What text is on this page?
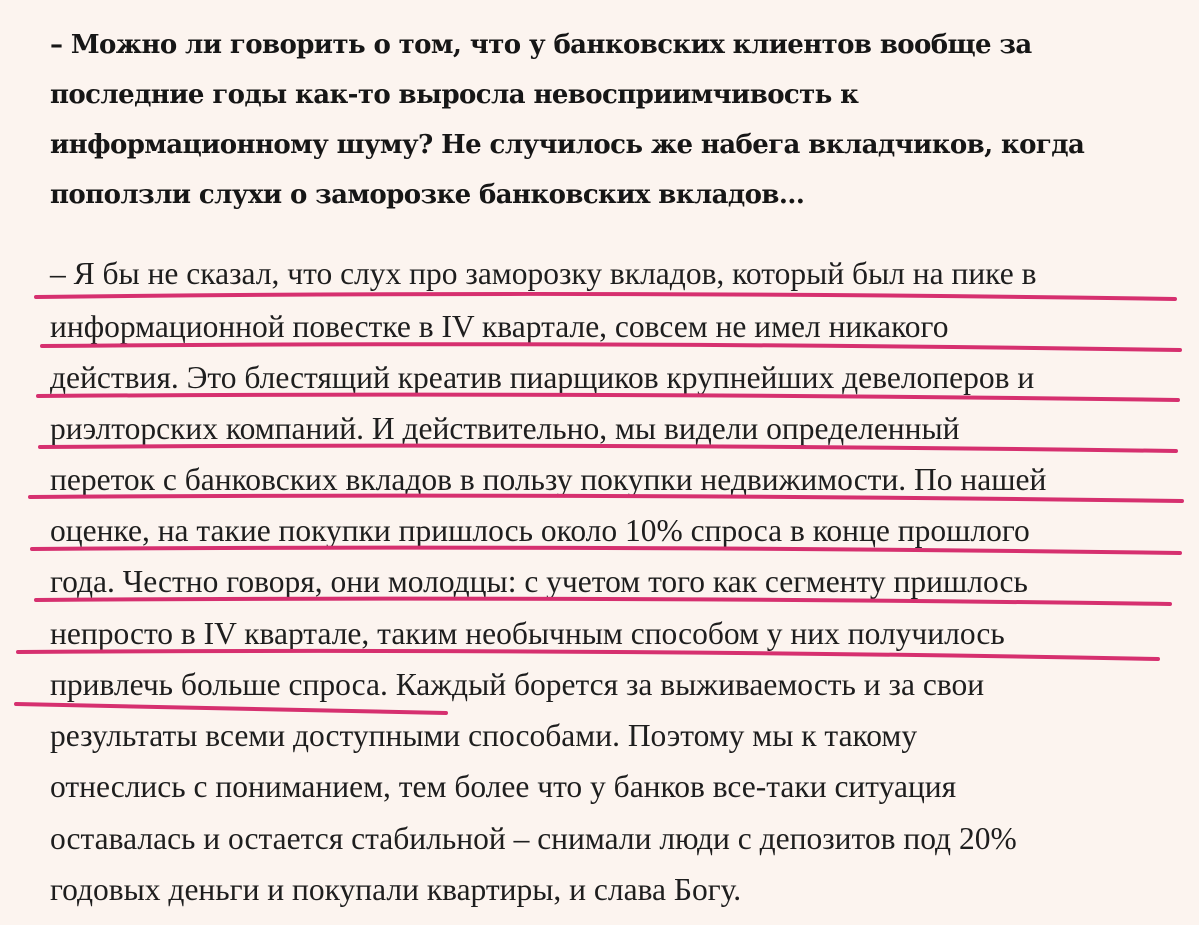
– Можно ли говорить о том, что у банковских клиентов вообще за
последние годы как-то выросла невосприимчивость к
информационному шуму? Не случилось же набега вкладчиков, когда
поползли слухи о заморозке банковских вкладов…
– Я бы не сказал, что слух про заморозку вкладов, который был на пике в
информационной повестке в IV квартале, совсем не имел никакого
действия. Это блестящий креатив пиарщиков крупнейших девелоперов и
риэлторских компаний. И действительно, мы видели определенный
переток с банковских вкладов в пользу покупки недвижимости. По нашей
оценке, на такие покупки пришлось около 10% спроса в конце прошлого
года. Честно говоря, они молодцы: с учетом того как сегменту пришлось
непросто в IV квартале, таким необычным способом у них получилось
привлечь больше спроса. Каждый борется за выживаемость и за свои
результаты всеми доступными способами. Поэтому мы к такому
отнеслись с пониманием, тем более что у банков все-таки ситуация
оставалась и остается стабильной – снимали люди с депозитов под 20%
годовых деньги и покупали квартиры, и слава Богу.
